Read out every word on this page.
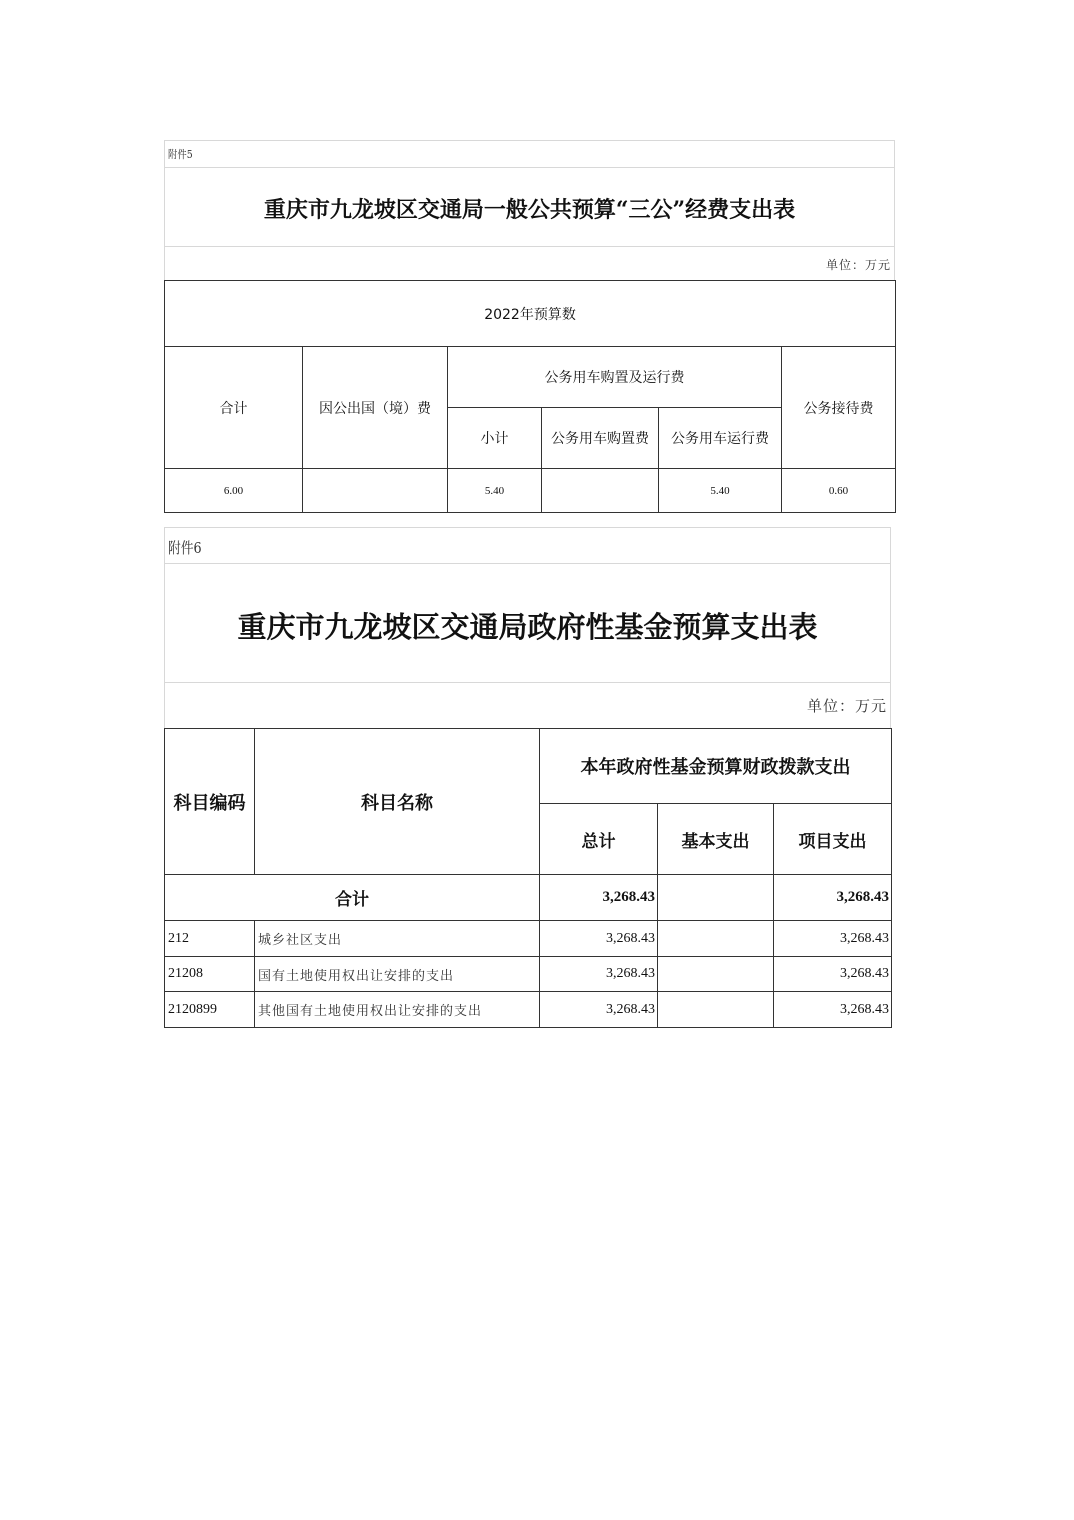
附件5
重庆市九龙坡区交通局一般公共预算“三公”经费支出表
单位：万元
2022年预算数					
合计	因公出国（境）费	公务用车购置及运行费			公务接待费
		小计	公务用车购置费	公务用车运行费	
6.00		5.40		5.40	0.60
附件6
重庆市九龙坡区交通局政府性基金预算支出表
单位：万元
科目编码	科目名称	本年政府性基金预算财政拨款支出		
		总计	基本支出	项目支出
合计		3,268.43		3,268.43
212	城乡社区支出	3,268.43		3,268.43
21208	国有土地使用权出让安排的支出	3,268.43		3,268.43
2120899	其他国有土地使用权出让安排的支出	3,268.43		3,268.43
